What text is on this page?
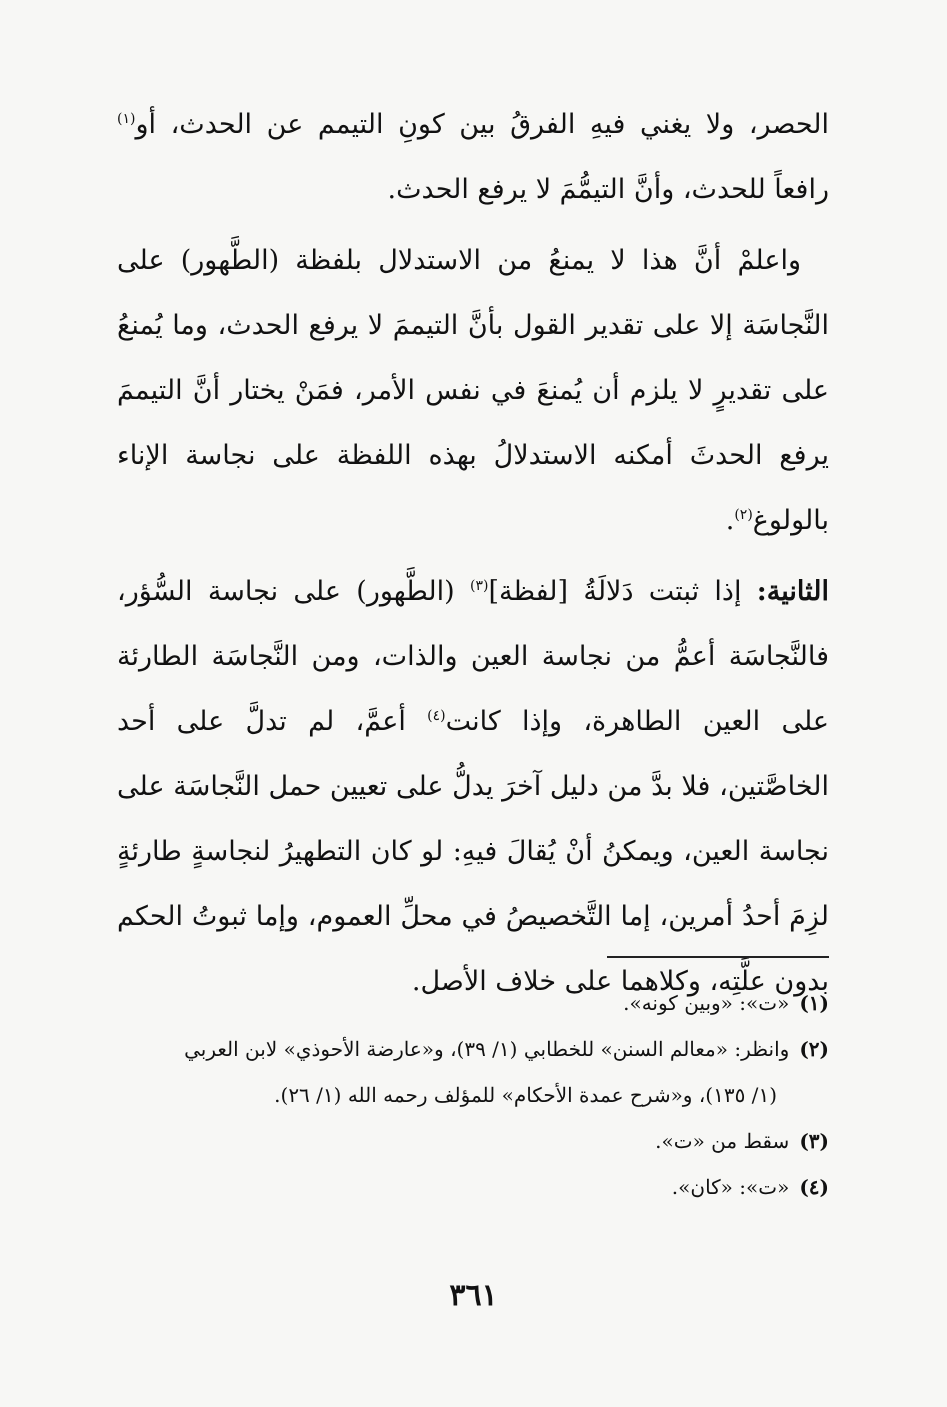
الحصر، ولا يغني فيهِ الفرقُ بين كونِ التيمم عن الحدث، أو$^{(١)}$ رافعاً للحدث، وأنَّ التيمُّمَ لا يرفع الحدث.

واعلمْ أنَّ هذا لا يمنعُ من الاستدلال بلفظة (الطَّهور) على النَّجاسَة إلا على تقدير القول بأنَّ التيممَ لا يرفع الحدث، وما يُمنعُ على تقديرٍ لا يلزم أن يُمنعَ في نفس الأمر، فمَنْ يختار أنَّ التيممَ يرفع الحدثَ أمكنه الاستدلالُ بهذه اللفظة على نجاسة الإناء بالولوغ$^{(٢)}$.

الثانية: إذا ثبتت دَلالَةُ [لفظة]$^{(٣)}$ (الطَّهور) على نجاسة السُّؤر، فالنَّجاسَة أعمُّ من نجاسة العين والذات، ومن النَّجاسَة الطارئة على العين الطاهرة، وإذا كانت$^{(٤)}$ أعمَّ، لم تدلَّ على أحد الخاصَّتين، فلا بدَّ من دليل آخرَ يدلُّ على تعيين حمل النَّجاسَة على نجاسة العين، ويمكنُ أنْ يُقالَ فيهِ: لو كان التطهيرُ لنجاسةٍ طارئةٍ لزِمَ أحدُ أمرين، إما التَّخصيصُ في محلِّ العموم، وإما ثبوتُ الحكم بدون علَّتِه، وكلاهما على خلاف الأصل.

(١)«ت»: «وبين كونه».

(٢)وانظر: «معالم السنن» للخطابي (١/ ٣٩)، و«عارضة الأحوذي» لابن العربي

(١/ ١٣٥)، و«شرح عمدة الأحكام» للمؤلف رحمه الله (١/ ٢٦).

(٣)سقط من «ت».

(٤)«ت»: «كان».

٣٦١
